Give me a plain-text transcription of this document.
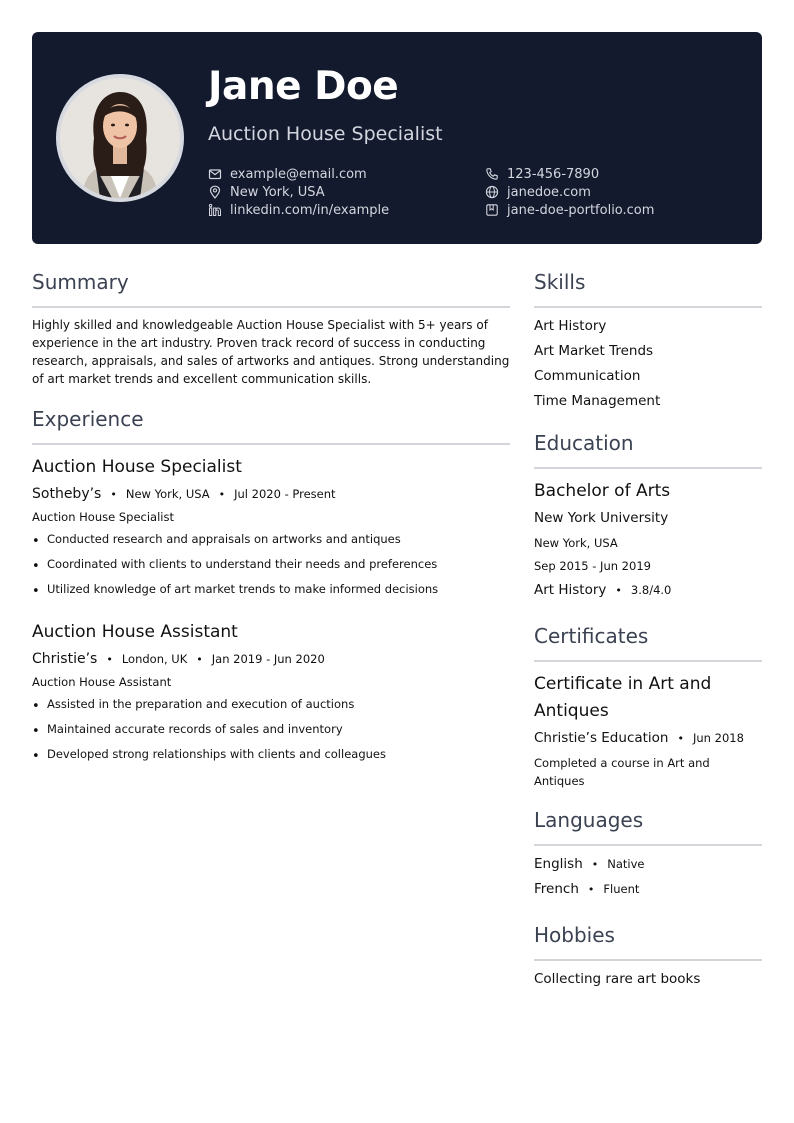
Jane Doe
Auction House Specialist
example@email.com	123-456-7890
New York, USA	janedoe.com
linkedin.com/in/example	jane-doe-portfolio.com
Summary
Highly skilled and knowledgeable Auction House Specialist with 5+ years of experience in the art industry. Proven track record of success in conducting research, appraisals, and sales of artworks and antiques. Strong understanding of art market trends and excellent communication skills.
Experience
Auction House Specialist
Sotheby’s • New York, USA • Jul 2020 - Present
Auction House Specialist
• Conducted research and appraisals on artworks and antiques
• Coordinated with clients to understand their needs and preferences
• Utilized knowledge of art market trends to make informed decisions
Auction House Assistant
Christie’s • London, UK • Jan 2019 - Jun 2020
Auction House Assistant
• Assisted in the preparation and execution of auctions
• Maintained accurate records of sales and inventory
• Developed strong relationships with clients and colleagues
Skills
Art History
Art Market Trends
Communication
Time Management
Education
Bachelor of Arts
New York University
New York, USA
Sep 2015 - Jun 2019
Art History • 3.8/4.0
Certificates
Certificate in Art and Antiques
Christie’s Education • Jun 2018
Completed a course in Art and Antiques
Languages
English • Native
French • Fluent
Hobbies
Collecting rare art books
